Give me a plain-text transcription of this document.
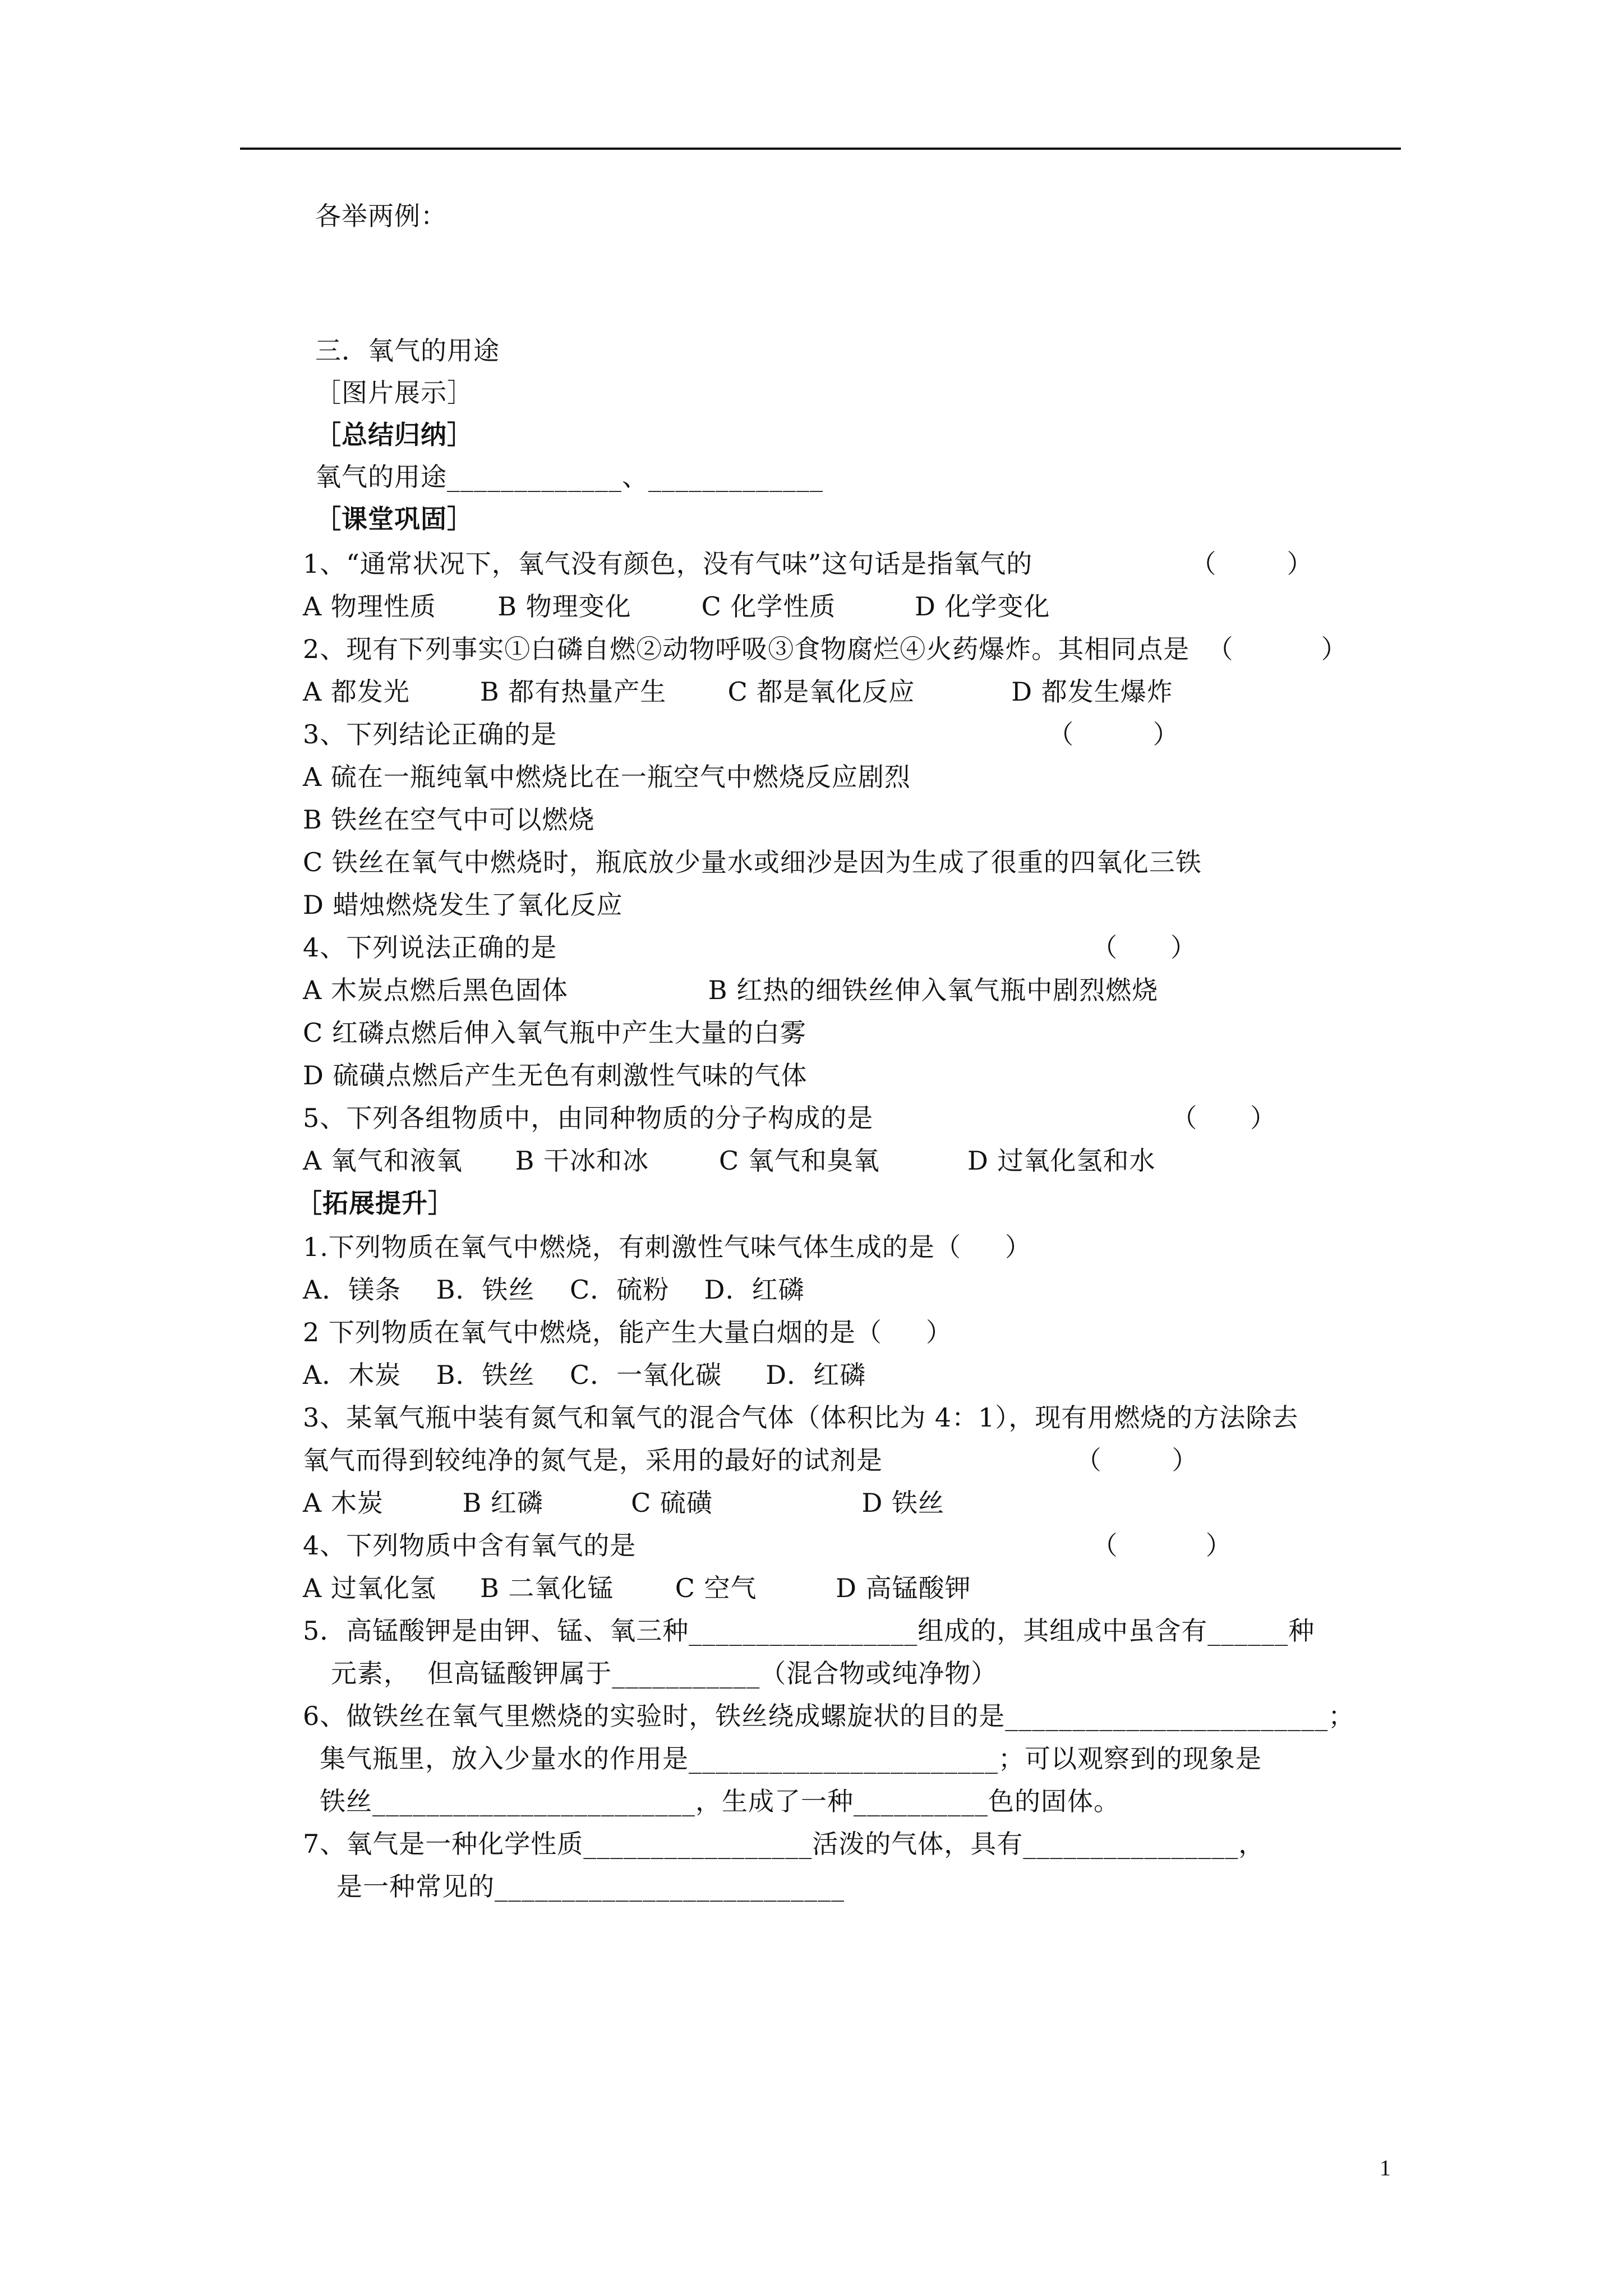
各举两例：
三．氧气的用途
［图片展示］
［总结归纳］
氧气的用途_____________、_____________
［课堂巩固］
1、“通常状况下，氧气没有颜色，没有气味”这句话是指氧气的                  （        ）
A 物理性质       B 物理变化        C 化学性质         D 化学变化
2、现有下列事实①白磷自燃②动物呼吸③食物腐烂④火药爆炸。其相同点是  （          ）
A 都发光        B 都有热量产生       C 都是氧化反应           D 都发生爆炸
3、下列结论正确的是                                                        （         ）
A 硫在一瓶纯氧中燃烧比在一瓶空气中燃烧反应剧烈
B 铁丝在空气中可以燃烧
C 铁丝在氧气中燃烧时，瓶底放少量水或细沙是因为生成了很重的四氧化三铁
D 蜡烛燃烧发生了氧化反应
4、下列说法正确的是                                                             （      ）
A 木炭点燃后黑色固体                B 红热的细铁丝伸入氧气瓶中剧烈燃烧
C 红磷点燃后伸入氧气瓶中产生大量的白雾
D 硫磺点燃后产生无色有刺激性气味的气体
5、下列各组物质中，由同种物质的分子构成的是                                  （      ）
A 氧气和液氧      B 干冰和冰        C 氧气和臭氧          D 过氧化氢和水
［拓展提升］
1.下列物质在氧气中燃烧，有刺激性气味气体生成的是（     ）
A．镁条    B．铁丝    C．硫粉    D．红磷
2 下列物质在氧气中燃烧，能产生大量白烟的是（     ）
A．木炭    B．铁丝    C．一氧化碳     D．红磷
3、某氧气瓶中装有氮气和氧气的混合气体（体积比为 4：1），现有用燃烧的方法除去
氧气而得到较纯净的氮气是，采用的最好的试剂是                      （        ）
A 木炭         B 红磷          C 硫磺                 D 铁丝
4、下列物质中含有氧气的是                                                    （          ）
A 过氧化氢     B 二氧化锰       C 空气         D 高锰酸钾
5．高锰酸钾是由钾、锰、氧三种_________________组成的，其组成中虽含有______种
元素，  但高锰酸钾属于___________（混合物或纯净物）
6、做铁丝在氧气里燃烧的实验时，铁丝绕成螺旋状的目的是________________________；
集气瓶里，放入少量水的作用是_______________________；可以观察到的现象是
铁丝________________________，生成了一种__________色的固体。
7、氧气是一种化学性质_________________活泼的气体，具有________________，
是一种常见的__________________________
1
